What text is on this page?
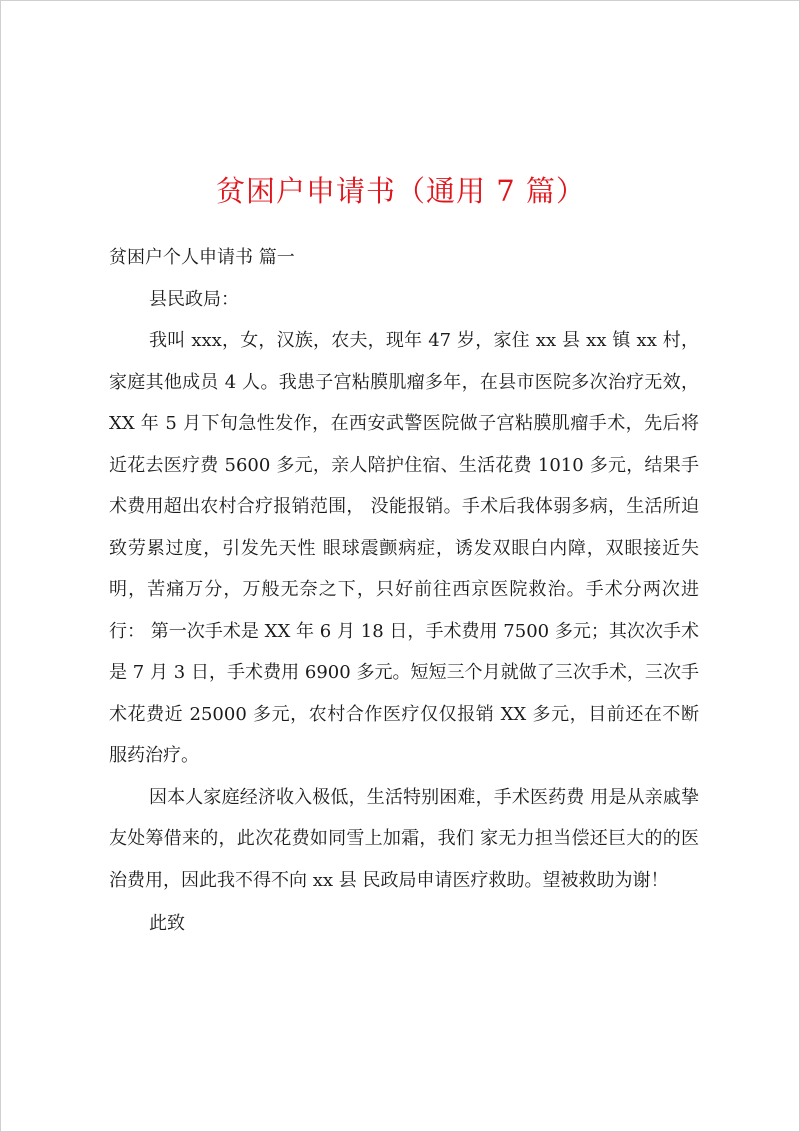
贫困户申请书（通用 7 篇）

贫困户个人申请书 篇一

县民政局：

我叫 xxx，女，汉族，农夫，现年 47 岁，家住 xx 县 xx 镇 xx 村，家庭其他成员 4 人。我患子宫粘膜肌瘤多年，在县市医院多次治疗无效，XX 年 5 月下旬急性发作，在西安武警医院做子宫粘膜肌瘤手术，先后将近花去医疗费 5600 多元，亲人陪护住宿、生活花费 1010 多元，结果手术费用超出农村合疗报销范围， 没能报销。手术后我体弱多病，生活所迫致劳累过度，引发先天性 眼球震颤病症，诱发双眼白内障，双眼接近失明，苦痛万分，万般无奈之下，只好前往西京医院救治。手术分两次进行： 第一次手术是 XX 年 6 月 18 日，手术费用 7500 多元；其次次手术是 7 月 3 日，手术费用 6900 多元。短短三个月就做了三次手术，三次手术花费近 25000 多元，农村合作医疗仅仅报销 XX 多元，目前还在不断服药治疗。

因本人家庭经济收入极低，生活特别困难，手术医药费 用是从亲戚挚友处筹借来的，此次花费如同雪上加霜，我们 家无力担当偿还巨大的的医治费用，因此我不得不向 xx 县 民政局申请医疗救助。望被救助为谢！

此致
